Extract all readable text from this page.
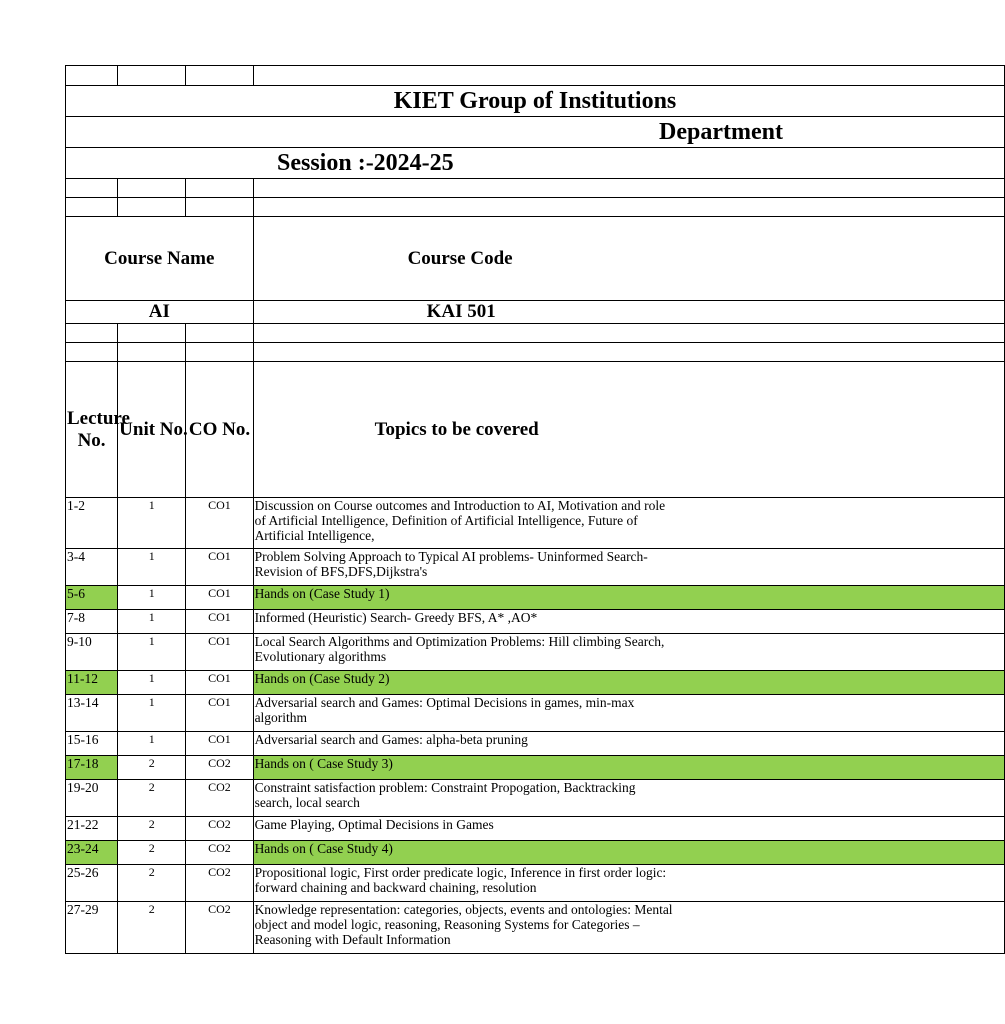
KIET Group of Institutions			
Department			
Session :-2024-25			

Course Name			Course Code
AI			KAI 501

Lecture No.	Unit No.	CO No.	Topics to be covered
1-2	1	CO1	Discussion on Course outcomes and Introduction to AI, Motivation and role of Artificial Intelligence, Definition of Artificial Intelligence, Future of Artificial Intelligence,

3-4	1	CO1	Problem Solving Approach to Typical AI problems- Uninformed Search- Revision of BFS,DFS,Dijkstra's

5-6	1	CO1	Hands on (Case Study 1)

7-8	1	CO1	Informed (Heuristic) Search- Greedy BFS, A* ,AO*

9-10	1	CO1	Local Search Algorithms and Optimization Problems: Hill climbing Search, Evolutionary algorithms

11-12	1	CO1	Hands on (Case Study 2)

13-14	1	CO1	Adversarial search and Games: Optimal Decisions in games, min-max algorithm

15-16	1	CO1	Adversarial search and Games: alpha-beta pruning

17-18	2	CO2	Hands on ( Case Study 3)

19-20	2	CO2	Constraint satisfaction problem: Constraint Propogation, Backtracking search, local search

21-22	2	CO2	Game Playing, Optimal Decisions in Games

23-24	2	CO2	Hands on ( Case Study 4)

25-26	2	CO2	Propositional logic, First order predicate logic, Inference in first order logic: forward chaining and backward chaining, resolution

27-29	2	CO2	Knowledge representation: categories, objects, events and ontologies: Mental object and model logic, reasoning, Reasoning Systems for Categories – Reasoning with Default Information
